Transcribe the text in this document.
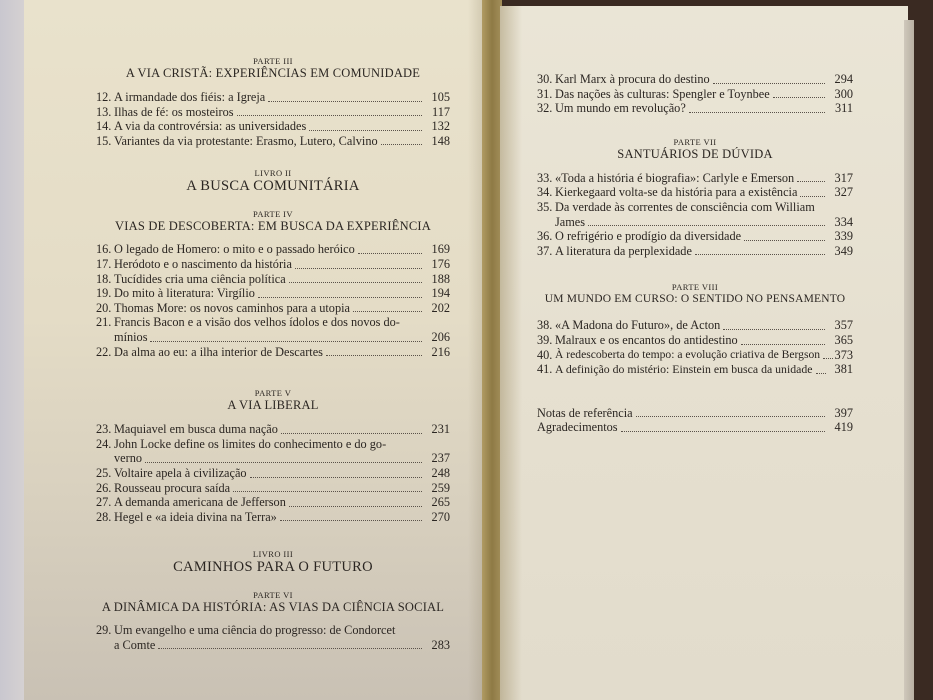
PARTE III

A VIA CRISTÃ: EXPERIÊNCIAS EM COMUNIDADE

12. A irmandade dos fiéis: a Igreja	105
13. Ilhas de fé: os mosteiros	117
14. A via da controvérsia: as universidades	132
15. Variantes da via protestante: Erasmo, Lutero, Calvino	148

LIVRO II

A BUSCA COMUNITÁRIA

PARTE IV

VIAS DE DESCOBERTA: EM BUSCA DA EXPERIÊNCIA

16. O legado de Homero: o mito e o passado heróico	169
17. Heródoto e o nascimento da história	176
18. Tucídides cria uma ciência política	188
19. Do mito à literatura: Virgílio	194
20. Thomas More: os novos caminhos para a utopia	202
21. Francis Bacon e a visão dos velhos ídolos e dos novos do-
mínios	206
22. Da alma ao eu: a ilha interior de Descartes	216

PARTE V

A VIA LIBERAL

23. Maquiavel em busca duma nação	231
24. John Locke define os limites do conhecimento e do go-
verno	237
25. Voltaire apela à civilização	248
26. Rousseau procura saída	259
27. A demanda americana de Jefferson	265
28. Hegel e «a ideia divina na Terra»	270

LIVRO III

CAMINHOS PARA O FUTURO

PARTE VI

A DINÂMICA DA HISTÓRIA: AS VIAS DA CIÊNCIA SOCIAL

29. Um evangelho e uma ciência do progresso: de Condorcet
a Comte	283
30. Karl Marx à procura do destino	294
31. Das nações às culturas: Spengler e Toynbee	300
32. Um mundo em revolução?	311

PARTE VII

SANTUÁRIOS DE DÚVIDA

33. «Toda a história é biografia»: Carlyle e Emerson	317
34. Kierkegaard volta-se da história para a existência	327
35. Da verdade às correntes de consciência com William
James	334
36. O refrigério e prodígio da diversidade	339
37. A literatura da perplexidade	349

PARTE VIII

UM MUNDO EM CURSO: O SENTIDO NO PENSAMENTO

38. «A Madona do Futuro», de Acton	357
39. Malraux e os encantos do antidestino	365
40. À redescoberta do tempo: a evolução criativa de Bergson	373
41. A definição do mistério: Einstein em busca da unidade	381
Notas de referência	397
Agradecimentos	419
